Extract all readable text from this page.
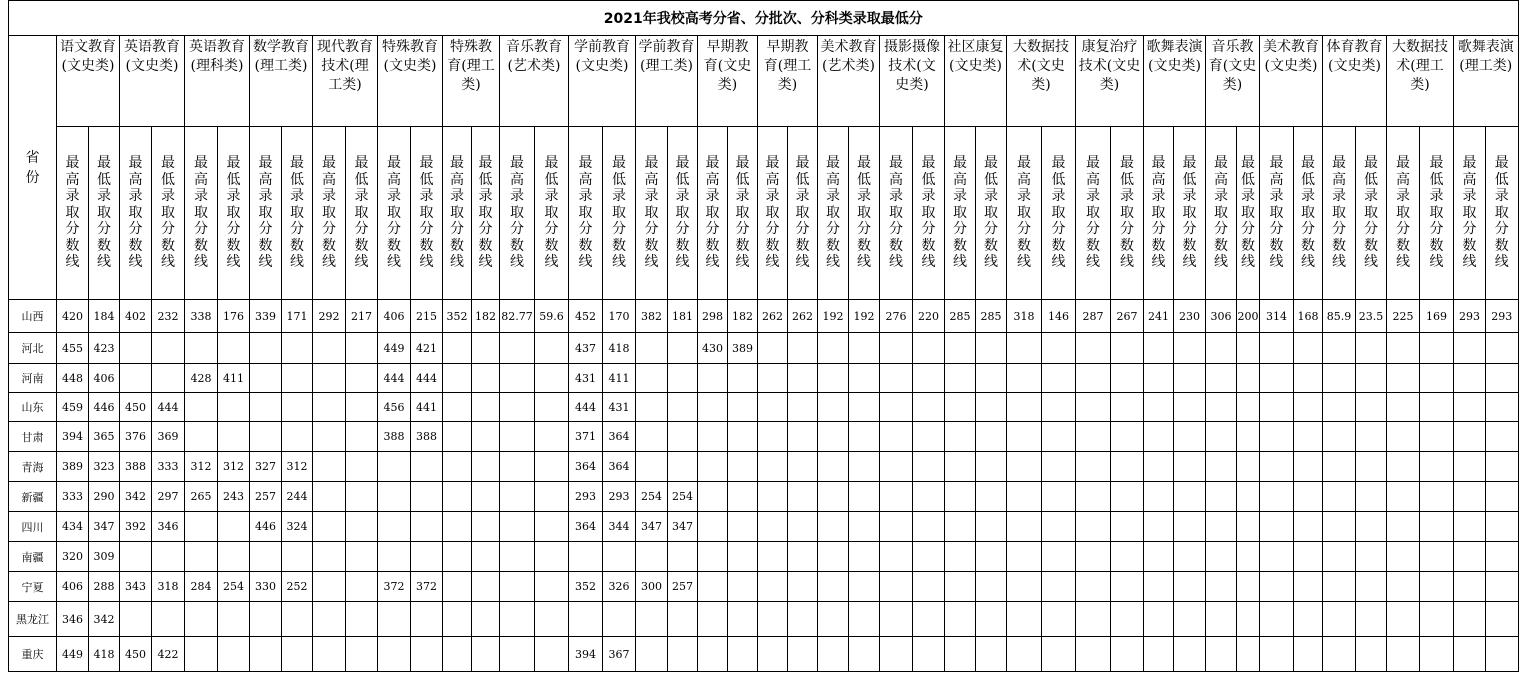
2021年我校高考分省、分批次、分科类录取最低分																																															
省份	语文教育(文史类)		英语教育(文史类)		英语教育(理科类)		数学教育(理工类)		现代教育技术(理工类)		特殊教育(文史类)		特殊教育(理工类)		音乐教育(艺术类)		学前教育(文史类)		学前教育(理工类)		早期教育(文史类)		早期教育(理工类)		美术教育(艺术类)		摄影摄像技术(文史类)		社区康复(文史类)		大数据技术(文史类)		康复治疗技术(文史类)		歌舞表演(文史类)		音乐教育(文史类)		美术教育(文史类)		体育教育(文史类)		大数据技术(理工类)		歌舞表演(理工类)		

	最高录取分数线	最低录取分数线	最高录取分数线	最低录取分数线	最高录取分数线	最低录取分数线	最高录取分数线	最低录取分数线	最高录取分数线	最低录取分数线	最高录取分数线	最低录取分数线	最高录取分数线	最低录取分数线	最高录取分数线	最低录取分数线	最高录取分数线	最低录取分数线	最高录取分数线	最低录取分数线	最高录取分数线	最低录取分数线	最高录取分数线	最低录取分数线	最高录取分数线	最低录取分数线	最高录取分数线	最低录取分数线	最高录取分数线	最低录取分数线	最高录取分数线	最低录取分数线	最高录取分数线	最低录取分数线	最高录取分数线	最低录取分数线	最高录取分数线	最低录取分数线	最高录取分数线	最低录取分数线	最高录取分数线	最低录取分数线	最高录取分数线	最低录取分数线	最高录取分数线	最低录取分数线	
山西	420	184	402	232	338	176	339	171	292	217	406	215	352	182	82.77	59.6	452	170	382	181	298	182	262	262	192	192	276	220	285	285	318	146	287	267	241	230	306	200	314	168	85.9	23.5	225	169	293	293	
河北	455	423									449	421					437	418			430	389																										
河南	448	406			428	411					444	444					431	411																														
山东	459	446	450	444							456	441					444	431																														
甘肃	394	365	376	369							388	388					371	364																														
青海	389	323	388	333	312	312	327	312									364	364																														
新疆	333	290	342	297	265	243	257	244									293	293	254	254																											
四川	434	347	392	346			446	324									364	344	347	347																											
南疆	320	309																																													
宁夏	406	288	343	318	284	254	330	252			372	372					352	326	300	257																											
黑龙江	346	342																																													
重庆	449	418	450	422													394	367																													
